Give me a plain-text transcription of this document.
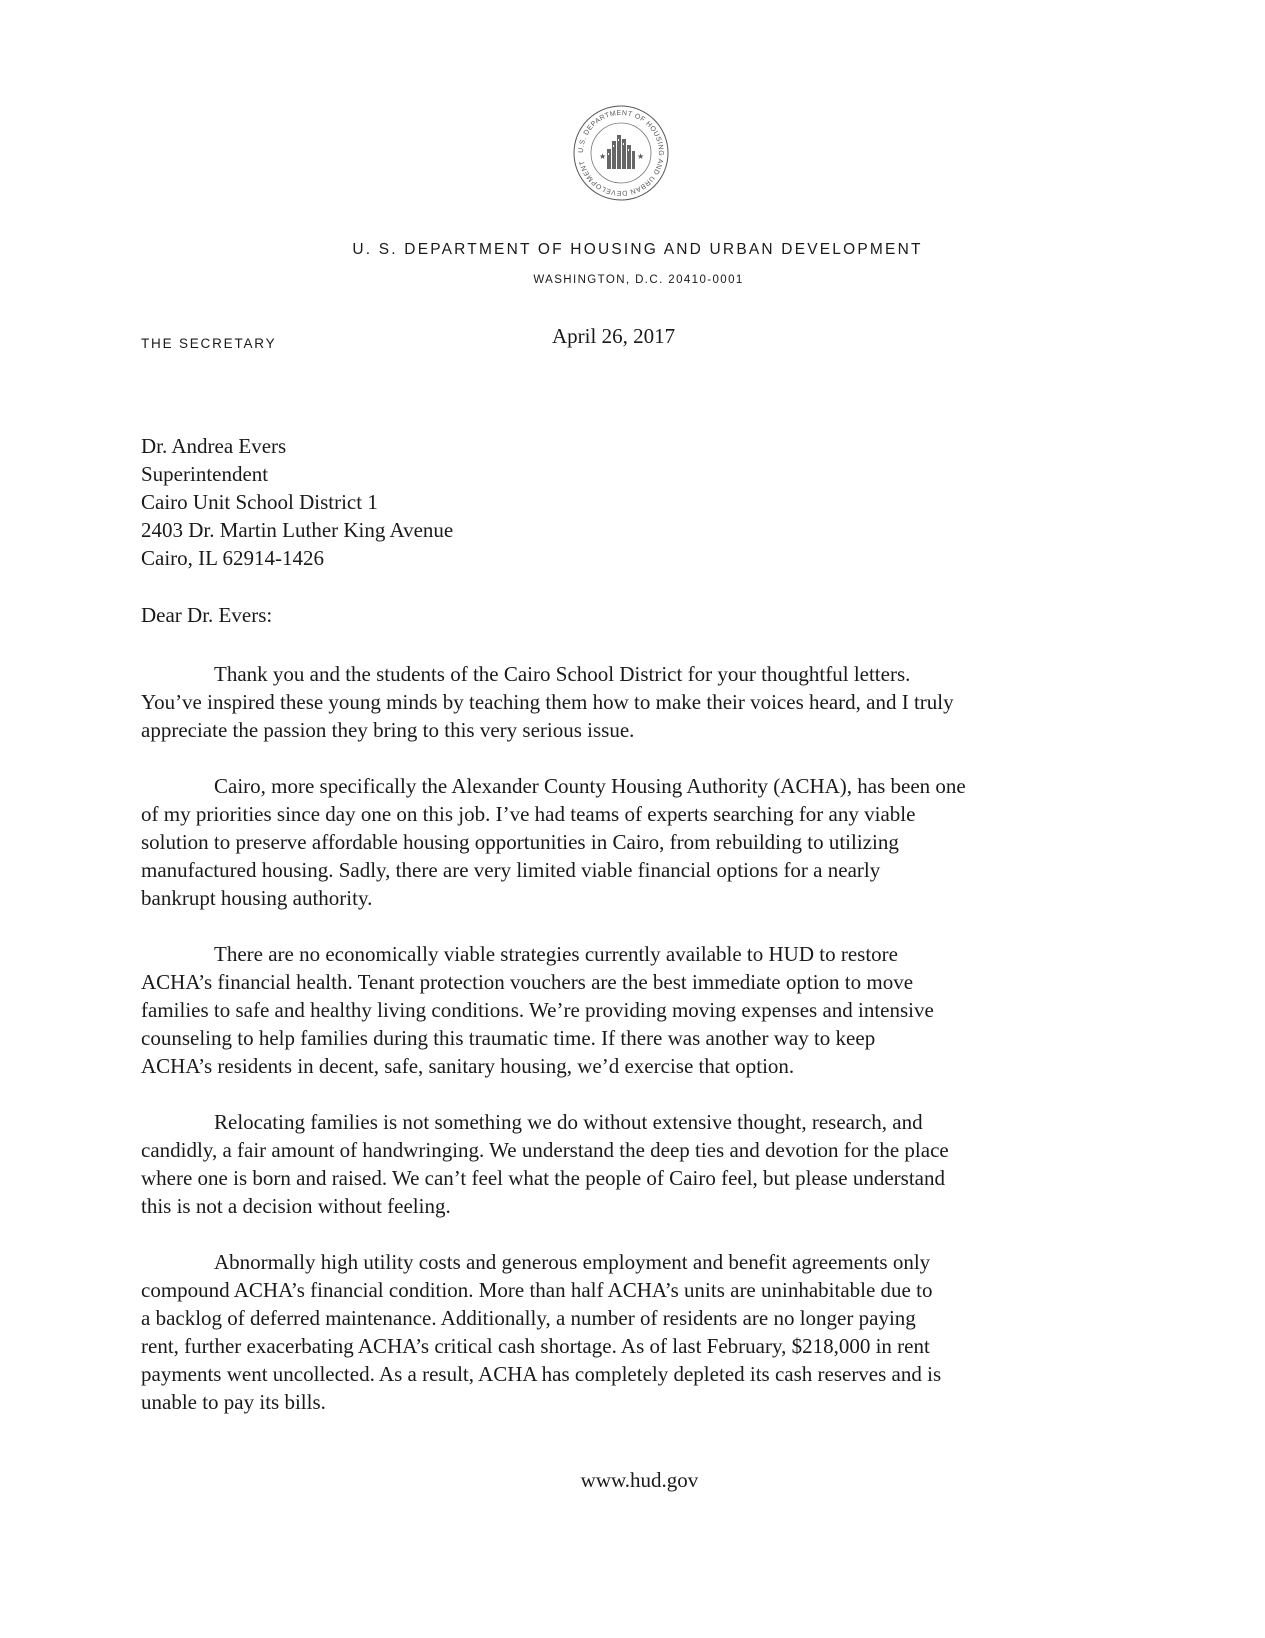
U.S. DEPARTMENT OF HOUSING AND URBAN DEVELOPMENT
★	★
U. S. DEPARTMENT OF HOUSING AND URBAN DEVELOPMENT
WASHINGTON, D.C. 20410-0001
THE SECRETARY	April 26, 2017
Dr. Andrea Evers
Superintendent
Cairo Unit School District 1
2403 Dr. Martin Luther King Avenue
Cairo, IL 62914-1426
Dear Dr. Evers:
Thank you and the students of the Cairo School District for your thoughtful letters.
You’ve inspired these young minds by teaching them how to make their voices heard, and I truly
appreciate the passion they bring to this very serious issue.
Cairo, more specifically the Alexander County Housing Authority (ACHA), has been one
of my priorities since day one on this job. I’ve had teams of experts searching for any viable
solution to preserve affordable housing opportunities in Cairo, from rebuilding to utilizing
manufactured housing. Sadly, there are very limited viable financial options for a nearly
bankrupt housing authority.
There are no economically viable strategies currently available to HUD to restore
ACHA’s financial health. Tenant protection vouchers are the best immediate option to move
families to safe and healthy living conditions. We’re providing moving expenses and intensive
counseling to help families during this traumatic time. If there was another way to keep
ACHA’s residents in decent, safe, sanitary housing, we’d exercise that option.
Relocating families is not something we do without extensive thought, research, and
candidly, a fair amount of handwringing. We understand the deep ties and devotion for the place
where one is born and raised. We can’t feel what the people of Cairo feel, but please understand
this is not a decision without feeling.
Abnormally high utility costs and generous employment and benefit agreements only
compound ACHA’s financial condition. More than half ACHA’s units are uninhabitable due to
a backlog of deferred maintenance. Additionally, a number of residents are no longer paying
rent, further exacerbating ACHA’s critical cash shortage. As of last February, $218,000 in rent
payments went uncollected. As a result, ACHA has completely depleted its cash reserves and is
unable to pay its bills.
www.hud.gov
